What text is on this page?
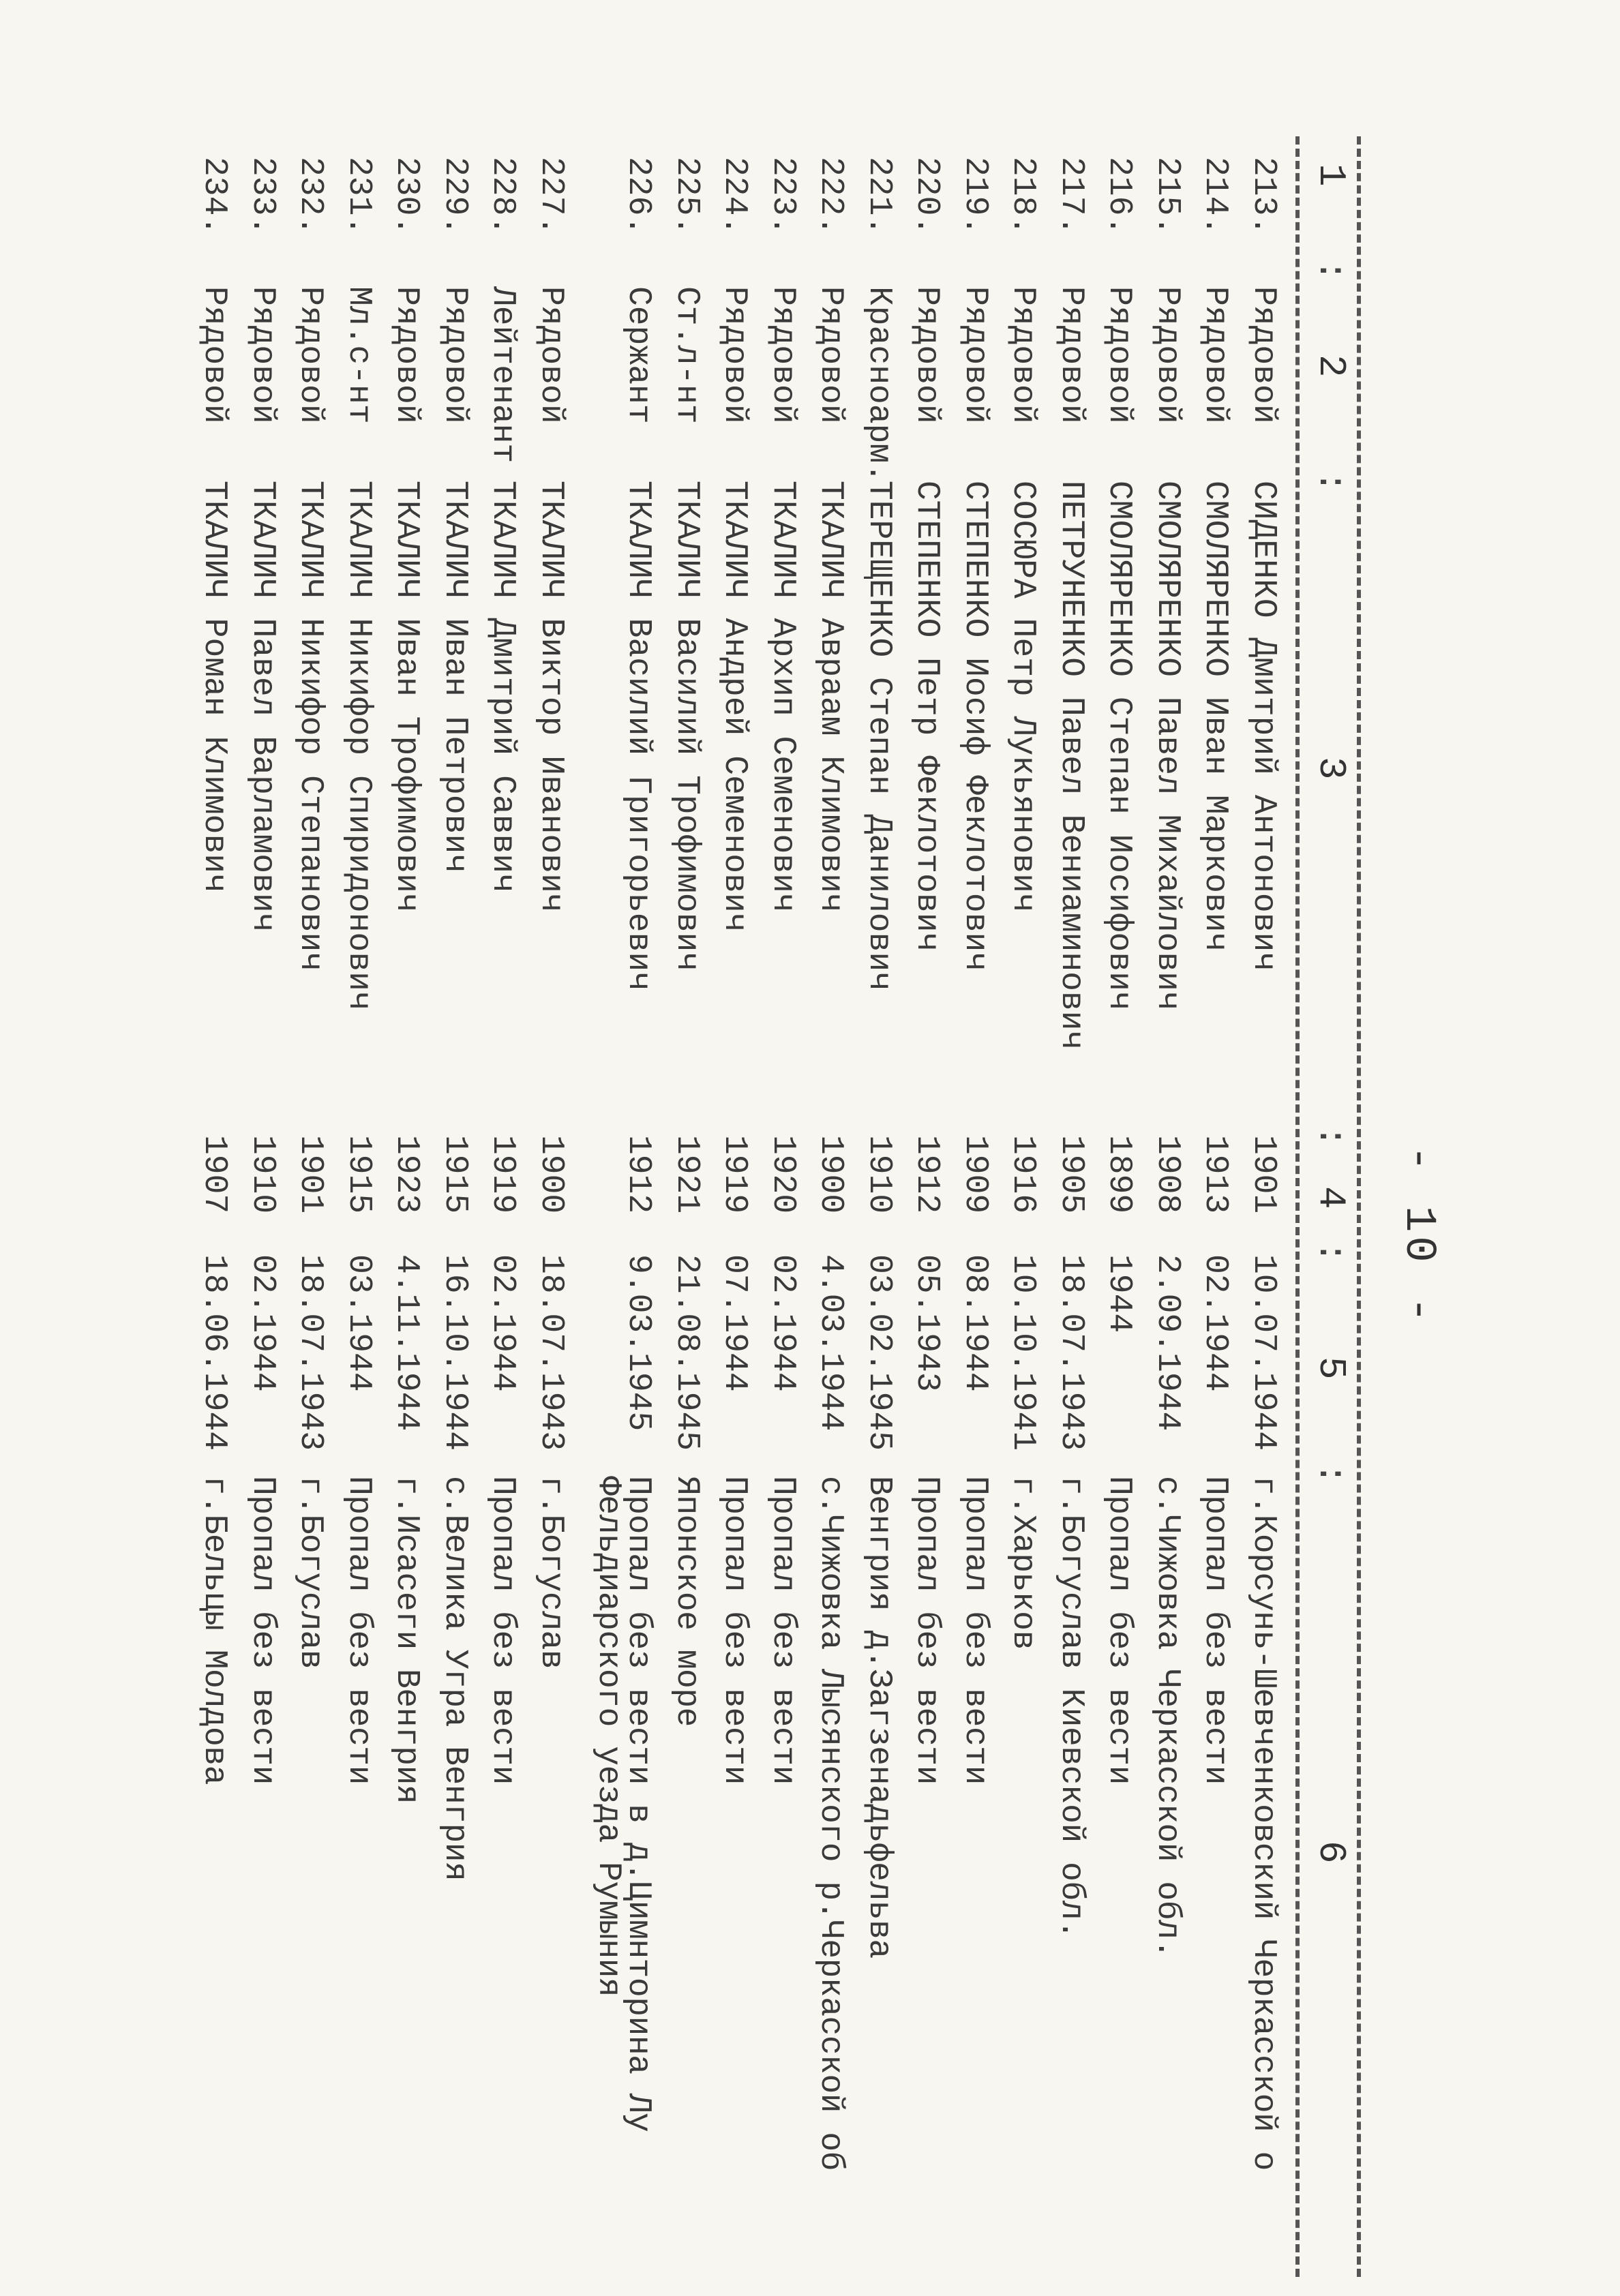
- 10 -
1
2
3
4
5
6
:
:
:
:
:
213.
Рядовой
СИДЕНКО Дмитрий Антонович
1901
10.07.1944
г.Корсунь-Шевченковский Черкасской о
214.
Рядовой
СМОЛЯРЕНКО Иван Маркович
1913
02.1944
Пропал без вести
215.
Рядовой
СМОЛЯРЕНКО Павел Михайлович
1908
2.09.1944
с.Чижовка Черкасской обл.
216.
Рядовой
СМОЛЯРЕНКО Степан Иосифович
1899
1944
Пропал без вести
217.
Рядовой
ПЕТРУНЕНКО Павел Вениаминович
1905
18.07.1943
г.Богуслав Киевской обл.
218.
Рядовой
СОСЮРА Петр Лукьянович
1916
10.10.1941
г.Харьков
219.
Рядовой
СТЕПЕНКО Иосиф Феклотович
1909
08.1944
Пропал без вести
220.
Рядовой
СТЕПЕНКО Петр Феклотович
1912
05.1943
Пропал без вести
221.
Красноарм.
ТЕРЕЩЕНКО Степан Данилович
1910
03.02.1945
Венгрия д.Загзенадьфельва
222.
Рядовой
ТКАЛИЧ Авраам Климович
1900
4.03.1944
с.Чижовка Лысянского р.Черкасской об
223.
Рядовой
ТКАЛИЧ Архип Семенович
1920
02.1944
Пропал без вести
224.
Рядовой
ТКАЛИЧ Андрей Семенович
1919
07.1944
Пропал без вести
225.
Ст.л-нт
ТКАЛИЧ Василий Трофимович
1921
21.08.1945
Японское море
226.
Сержант
ТКАЛИЧ Василий Григорьевич
1912
9.03.1945
Пропал без вести в д.Цимнторина Лу
Фельдиарского уезда Румыния
227.
Рядовой
ТКАЛИЧ Виктор Иванович
1900
18.07.1943
г.Богуслав
228.
Лейтенант
ТКАЛИЧ Дмитрий Саввич
1919
02.1944
Пропал без вести
229.
Рядовой
ТКАЛИЧ Иван Петрович
1915
16.10.1944
с.Велика Угра Венгрия
230.
Рядовой
ТКАЛИЧ Иван Трофимович
1923
4.11.1944
г.Исасеги Венгрия
231.
Мл.с-нт
ТКАЛИЧ Никифор Спиридонович
1915
03.1944
Пропал без вести
232.
Рядовой
ТКАЛИЧ Никифор Степанович
1901
18.07.1943
г.Богуслав
233.
Рядовой
ТКАЛИЧ Павел Варламович
1910
02.1944
Пропал без вести
234.
Рядовой
ТКАЛИЧ Роман Климович
1907
18.06.1944
г.Бельцы Молдова
